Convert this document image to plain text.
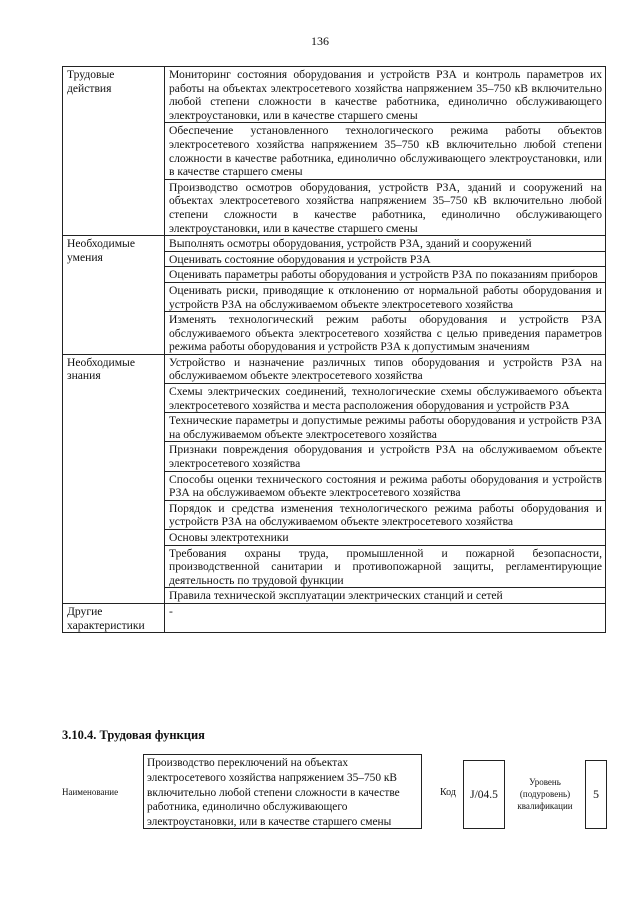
136
Трудовые действия	Мониторинг состояния оборудования и устройств РЗА и контроль параметров их работы на объектах электросетевого хозяйства напряжением 35–750 кВ включительно любой степени сложности в качестве работника, единолично обслуживающего электроустановки, или в качестве старшего смены
	Обеспечение установленного технологического режима работы объектов электросетевого хозяйства напряжением 35–750 кВ включительно любой степени сложности в качестве работника, единолично обслуживающего электроустановки, или в качестве старшего смены
	Производство осмотров оборудования, устройств РЗА, зданий и сооружений на объектах электросетевого хозяйства напряжением 35–750 кВ включительно любой степени сложности в качестве работника, единолично обслуживающего электроустановки, или в качестве старшего смены
Необходимые умения	Выполнять осмотры оборудования, устройств РЗА, зданий и сооружений
	Оценивать состояние оборудования и устройств РЗА
	Оценивать параметры работы оборудования и устройств РЗА по показаниям приборов
	Оценивать риски, приводящие к отклонению от нормальной работы оборудования и устройств РЗА на обслуживаемом объекте электросетевого хозяйства
	Изменять технологический режим работы оборудования и устройств РЗА обслуживаемого объекта электросетевого хозяйства с целью приведения параметров режима работы оборудования и устройств РЗА к допустимым значениям
Необходимые знания	Устройство и назначение различных типов оборудования и устройств РЗА на обслуживаемом объекте электросетевого хозяйства
	Схемы электрических соединений, технологические схемы обслуживаемого объекта электросетевого хозяйства и места расположения оборудования и устройств РЗА
	Технические параметры и допустимые режимы работы оборудования и устройств РЗА на обслуживаемом объекте электросетевого хозяйства
	Признаки повреждения оборудования и устройств РЗА на обслуживаемом объекте электросетевого хозяйства
	Способы оценки технического состояния и режима работы оборудования и устройств РЗА на обслуживаемом объекте электросетевого хозяйства
	Порядок и средства изменения технологического режима работы оборудования и устройств РЗА на обслуживаемом объекте электросетевого хозяйства
	Основы электротехники
	Требования охраны труда, промышленной и пожарной безопасности, производственной санитарии и противопожарной защиты, регламентирующие деятельность по трудовой функции
	Правила технической эксплуатации электрических станций и сетей
Другие характеристики	-
3.10.4. Трудовая функция
Наименование
Производство переключений на объектах электросетевого хозяйства напряжением 35–750 кВ включительно любой степени сложности в качестве работника, единолично обслуживающего электроустановки, или в качестве старшего смены
Код	J/04.5
Уровень (подуровень) квалификации
5
